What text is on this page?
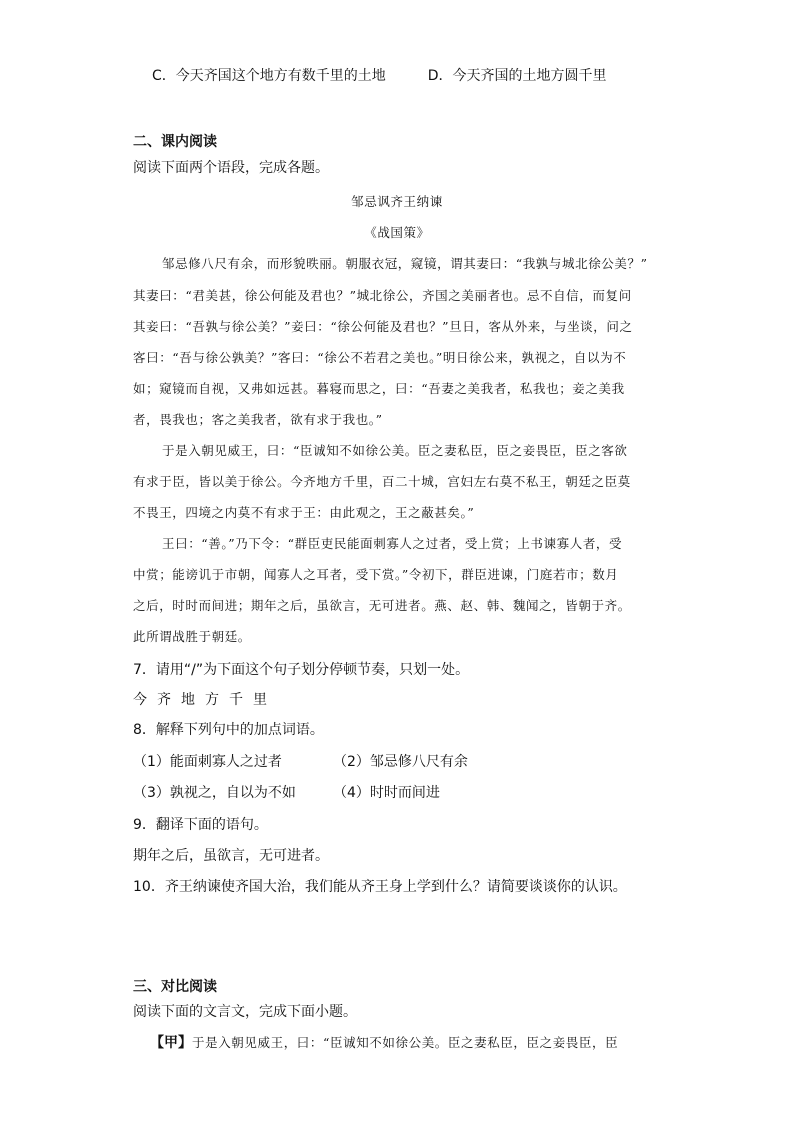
C．今天齐国这个地方有数千里的土地	D．今天齐国的土地方圆千里
二、课内阅读
阅读下面两个语段，完成各题。
邹忌讽齐王纳谏
《战国策》
邹忌修八尺有余，而形貌昳丽。朝服衣冠，窥镜，谓其妻曰：“我孰与城北徐公美？”
其妻曰：“君美甚，徐公何能及君也？”城北徐公，齐国之美丽者也。忌不自信，而复问
其妾曰：“吾孰与徐公美？”妾曰：“徐公何能及君也？”旦日，客从外来，与坐谈，问之
客曰：“吾与徐公孰美？”客曰：“徐公不若君之美也。”明日徐公来，孰视之，自以为不
如；窥镜而自视，又弗如远甚。暮寝而思之，曰：“吾妻之美我者，私我也；妾之美我
者，畏我也；客之美我者，欲有求于我也。”
于是入朝见威王，曰：“臣诚知不如徐公美。臣之妻私臣，臣之妾畏臣，臣之客欲
有求于臣，皆以美于徐公。今齐地方千里，百二十城，宫妇左右莫不私王，朝廷之臣莫
不畏王，四境之内莫不有求于王：由此观之，王之蔽甚矣。”
王曰：“善。”乃下令：“群臣吏民能面刺寡人之过者，受上赏；上书谏寡人者，受
中赏；能谤讥于市朝，闻寡人之耳者，受下赏。”令初下，群臣进谏，门庭若市；数月
之后，时时而间进；期年之后，虽欲言，无可进者。燕、赵、韩、魏闻之，皆朝于齐。
此所谓战胜于朝廷。
7．请用“/”为下面这个句子划分停顿节奏，只划一处。
今齐地方千里
8．解释下列句中的加点词语。
（1）能面刺寡人之过者	（2）邹忌修八尺有余
（3）孰视之，自以为不如	（4）时时而间进
9．翻译下面的语句。
期年之后，虽欲言，无可进者。
10．齐王纳谏使齐国大治，我们能从齐王身上学到什么？请简要谈谈你的认识。
三、对比阅读
阅读下面的文言文，完成下面小题。
【甲】于是入朝见威王，曰：“臣诚知不如徐公美。臣之妻私臣，臣之妾畏臣，臣
